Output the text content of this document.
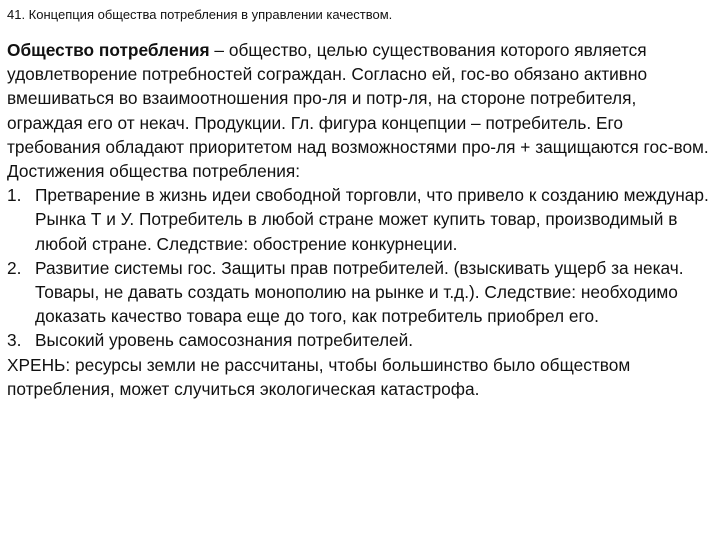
41. Концепция общества потребления в управлении качеством.

Общество потребления – общество, целью существования которого является удовлетворение потребностей сограждан. Согласно ей, гос-во обязано активно вмешиваться во взаимоотношения про-ля и потр-ля, на стороне потребителя, ограждая его от некач. Продукции. Гл. фигура концепции – потребитель. Его требования обладают приоритетом над возможностями про-ля + защищаются гос-вом.

Достижения общества потребления:

1. Претварение в жизнь идеи свободной торговли, что привело к созданию междунар. Рынка Т и У. Потребитель в любой стране может купить товар, производимый в любой стране. Следствие: обострение конкурнеции.
2. Развитие системы гос. Защиты прав потребителей. (взыскивать ущерб за некач. Товары, не давать создать монополию на рынке и т.д.). Следствие: необходимо доказать качество товара еще до того, как потребитель приобрел его.
3. Высокий уровень самосознания потребителей.

ХРЕНЬ: ресурсы земли не рассчитаны, чтобы большинство было обществом потребления, может случиться экологическая катастрофа.
